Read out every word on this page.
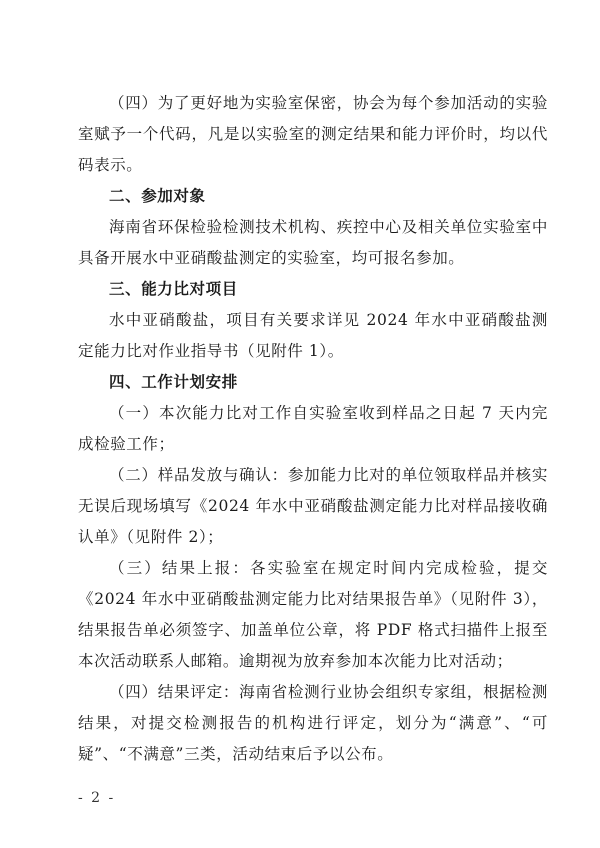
（四）为了更好地为实验室保密，协会为每个参加活动的实验室赋予一个代码，凡是以实验室的测定结果和能力评价时，均以代码表示。

二、参加对象

海南省环保检验检测技术机构、疾控中心及相关单位实验室中具备开展水中亚硝酸盐测定的实验室，均可报名参加。

三、能力比对项目

水中亚硝酸盐，项目有关要求详见 2024 年水中亚硝酸盐测定能力比对作业指导书（见附件 1）。

四、工作计划安排

（一）本次能力比对工作自实验室收到样品之日起 7 天内完成检验工作；

（二）样品发放与确认：参加能力比对的单位领取样品并核实无误后现场填写《2024 年水中亚硝酸盐测定能力比对样品接收确认单》（见附件 2）；

（三）结果上报：各实验室在规定时间内完成检验，提交《2024 年水中亚硝酸盐测定能力比对结果报告单》（见附件 3），结果报告单必须签字、加盖单位公章，将 PDF 格式扫描件上报至本次活动联系人邮箱。逾期视为放弃参加本次能力比对活动；

（四）结果评定：海南省检测行业协会组织专家组，根据检测结果，对提交检测报告的机构进行评定，划分为“满意”、“可疑”、“不满意”三类，活动结束后予以公布。

- 2 -
